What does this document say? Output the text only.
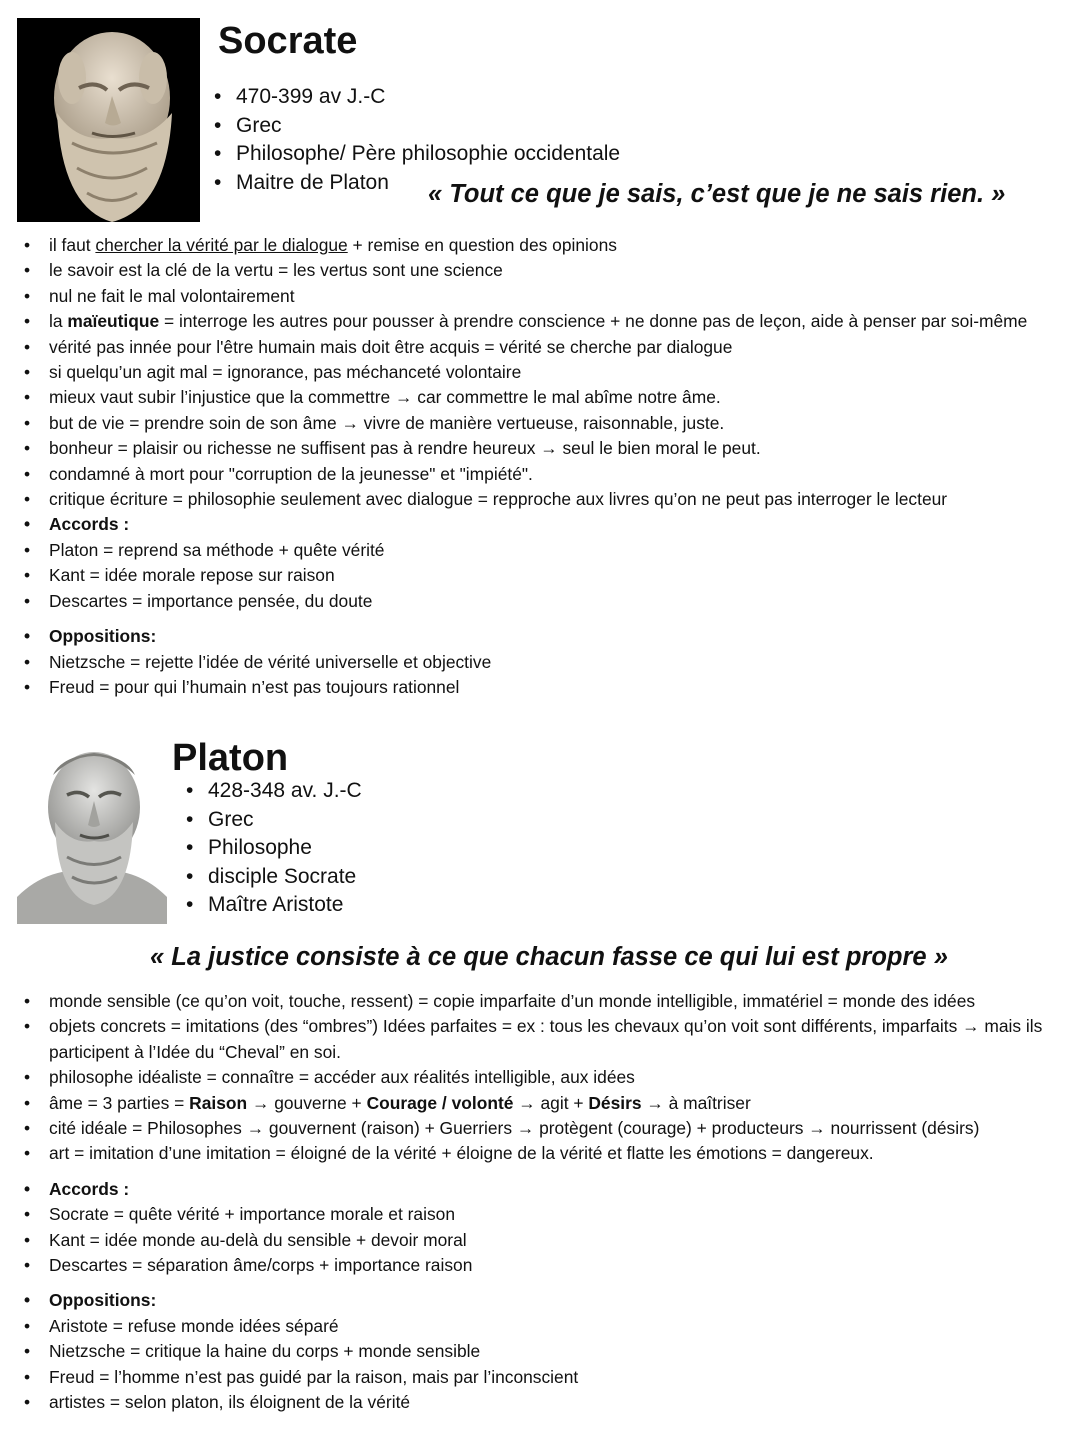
Socrate
• 470-399 av J.-C
• Grec
• Philosophe/ Père philosophie occidentale
• Maitre de Platon	« Tout ce que je sais, c’est que je ne sais rien. »

• il faut chercher la vérité par le dialogue + remise en question des opinions
• le savoir est la clé de la vertu = les vertus sont une science
• nul ne fait le mal volontairement
• la maïeutique = interroge les autres pour pousser à prendre conscience + ne donne pas de leçon, aide à penser par soi-même
• vérité pas innée pour l'être humain mais doit être acquis = vérité se cherche par dialogue
• si quelqu’un agit mal = ignorance, pas méchanceté volontaire
• mieux vaut subir l’injustice que la commettre → car commettre le mal abîme notre âme.
• but de vie = prendre soin de son âme → vivre de manière vertueuse, raisonnable, juste.
• bonheur = plaisir ou richesse ne suffisent pas à rendre heureux → seul le bien moral le peut.
• condamné à mort pour "corruption de la jeunesse" et "impiété".
• critique écriture = philosophie seulement avec dialogue = repproche aux livres qu’on ne peut pas interroger le lecteur
• Accords :
• Platon = reprend sa méthode + quête vérité
• Kant = idée morale repose sur raison
• Descartes = importance pensée, du doute
• Oppositions:
• Nietzsche = rejette l’idée de vérité universelle et objective
• Freud = pour qui l’humain n’est pas toujours rationnel
Platon
• 428-348 av. J.-C
• Grec
• Philosophe
• disciple Socrate
• Maître Aristote

« La justice consiste à ce que chacun fasse ce qui lui est propre »

• monde sensible (ce qu’on voit, touche, ressent) = copie imparfaite d’un monde intelligible, immatériel = monde des idées
• objets concrets = imitations (des “ombres”) Idées parfaites = ex : tous les chevaux qu’on voit sont différents, imparfaits → mais ils participent à l’Idée du “Cheval” en soi.
• philosophe idéaliste = connaître = accéder aux réalités intelligible, aux idées
• âme = 3 parties = Raison → gouverne + Courage / volonté → agit + Désirs → à maîtriser
• cité idéale = Philosophes → gouvernent (raison) + Guerriers → protègent (courage) + producteurs → nourrissent (désirs)
• art = imitation d’une imitation = éloigné de la vérité + éloigne de la vérité et flatte les émotions = dangereux.
• Accords :
• Socrate = quête vérité + importance morale et raison
• Kant = idée monde au-delà du sensible + devoir moral
• Descartes = séparation âme/corps + importance raison
• Oppositions:
• Aristote = refuse monde idées séparé
• Nietzsche = critique la haine du corps + monde sensible
• Freud = l’homme n’est pas guidé par la raison, mais par l’inconscient
• artistes = selon platon, ils éloignent de la vérité
